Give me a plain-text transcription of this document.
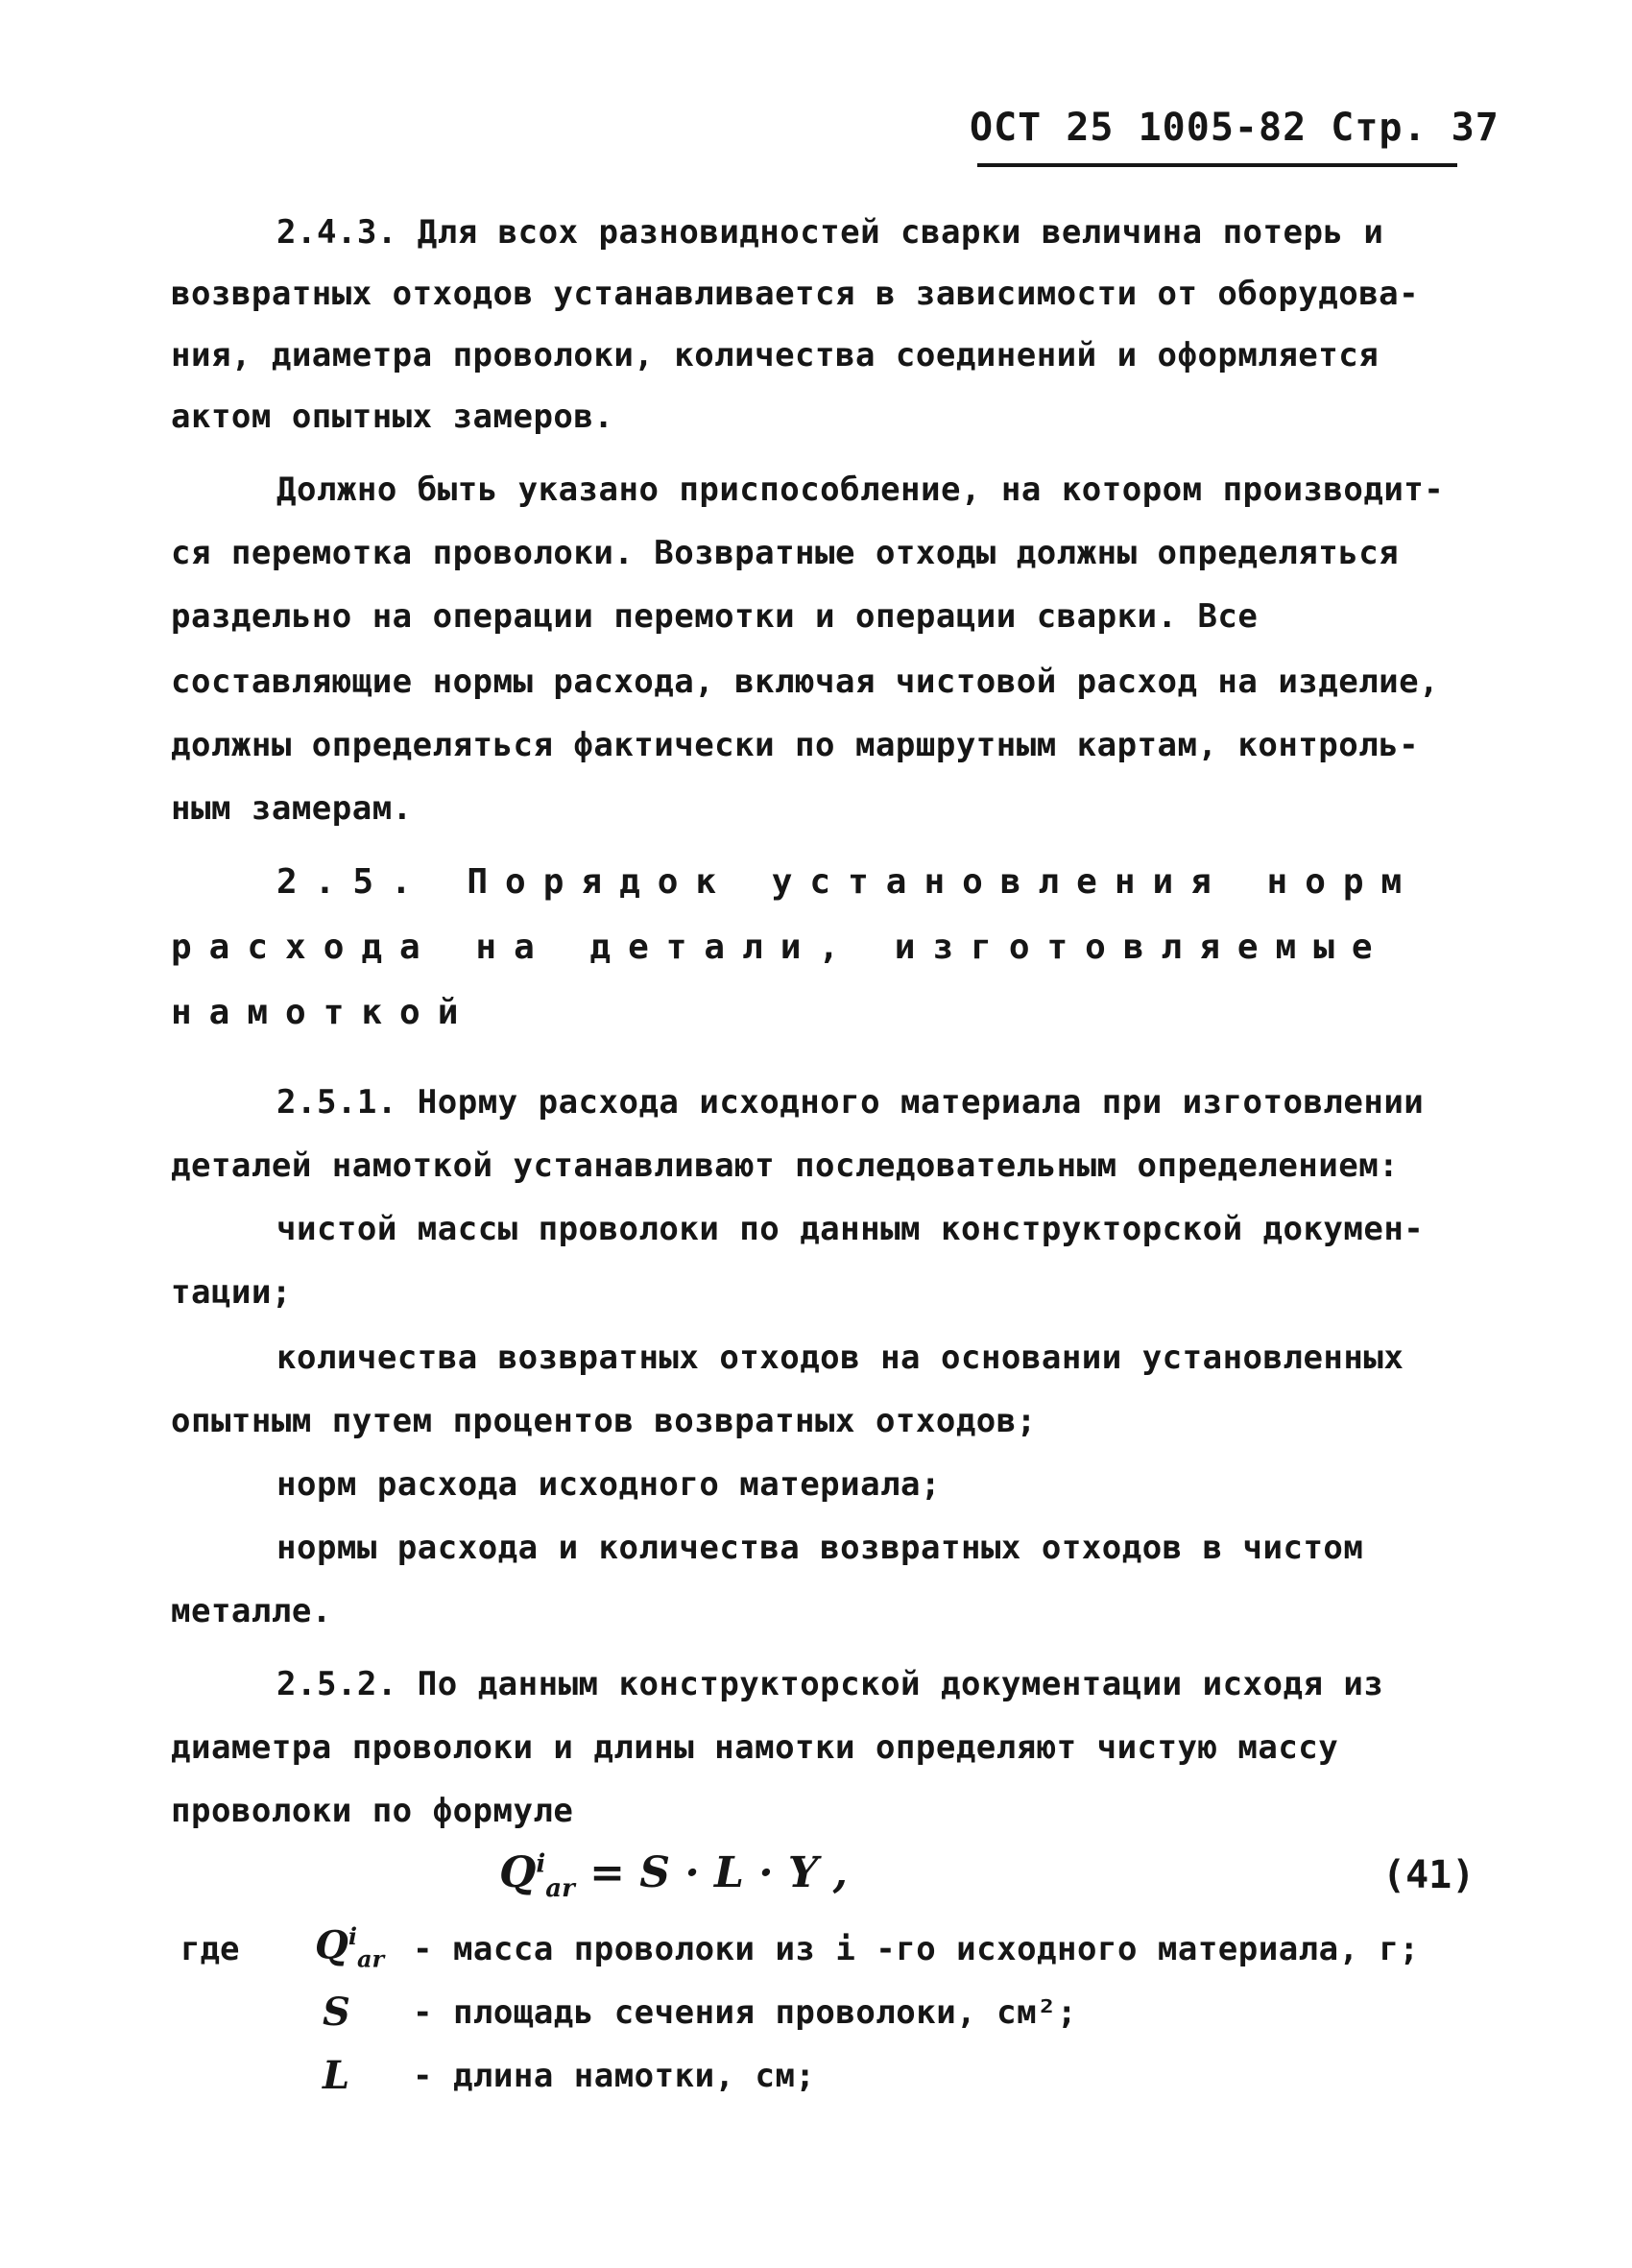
ОСТ 25 1005-82 Стр. 37
2.4.3. Для всох разновидностей сварки величина потерь и
возвратных отходов устанавливается в зависимости от оборудова-
ния, диаметра проволоки, количества соединений и оформляется
актом опытных замеров.
Должно быть указано приспособление, на котором производит-
ся перемотка проволоки. Возвратные отходы должны определяться
раздельно на операции перемотки и операции сварки. Все
составляющие нормы расхода, включая чистовой расход на изделие,
должны определяться фактически по маршрутным картам, контроль-
ным замерам.
2.5. Порядок установления норм
расхода на детали, изготовляемые
намоткой
2.5.1. Норму расхода исходного материала при изготовлении
деталей намоткой устанавливают последовательным определением:
чистой массы проволоки по данным конструкторской докумен-
тации;
количества возвратных отходов на основании установленных
опытным путем процентов возвратных отходов;
норм расхода исходного материала;
нормы расхода и количества возвратных отходов в чистом
металле.
2.5.2. По данным конструкторской документации исходя из
диаметра проволоки и длины намотки определяют чистую массу
проволоки по формуле
$Q^i_{ar} = S \cdot L \cdot Y$ ,	(41)
где $Q^i_{ar}$ - масса проволоки из i -го исходного материала, г;
S - площадь сечения проволоки, см²;
L - длина намотки, см;
